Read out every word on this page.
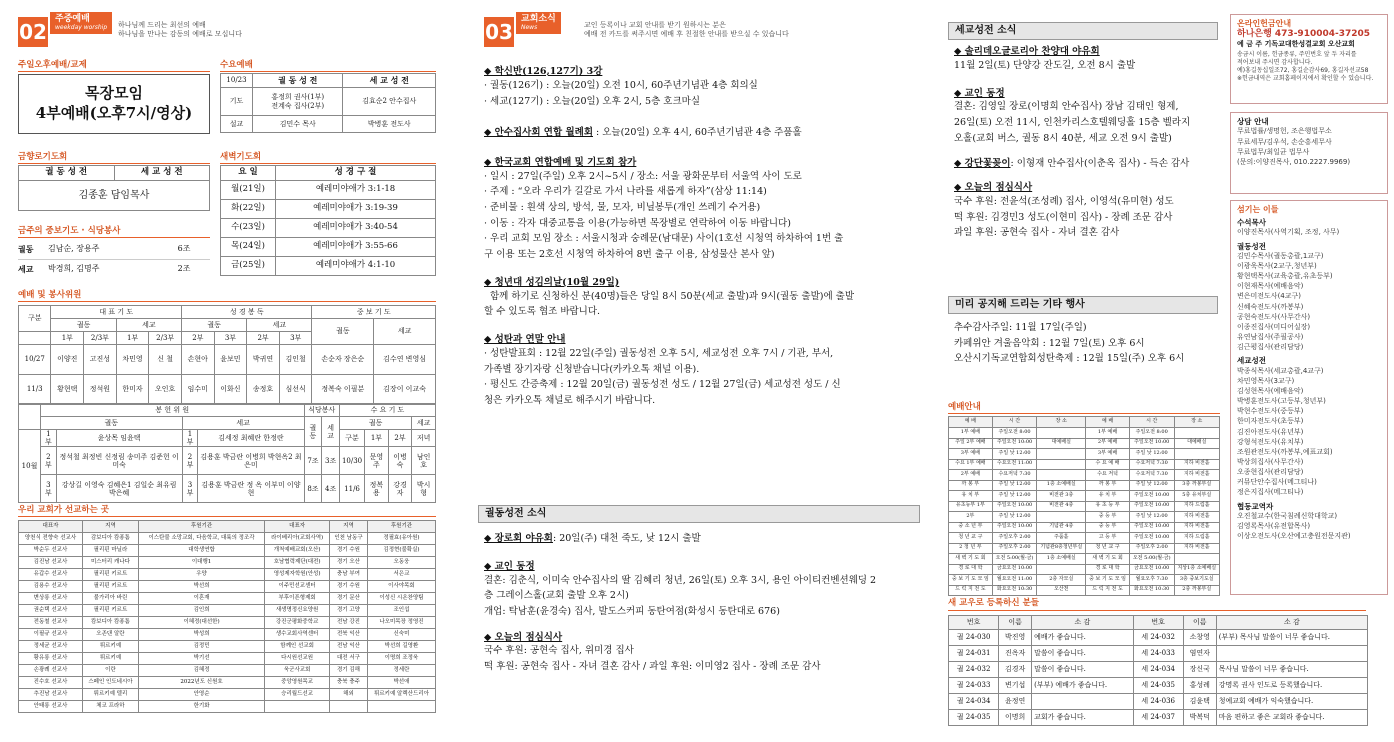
02
주중예배
weekday worship 하나님께 드리는 최선의 예배
하나님을 만나는 감동의 예배로 모십니다
주일오후예배/교제
목장모임
4부예배(오후7시/영상)
수요예배
10/23	궐 동 성 전	세 교 성 전
기도	홍정희 권사(1부)
전계숙 집사(2부)	김효순2 안수집사
설교	김민수 목사	박병훈 전도사
금향로기도회
궐 동 성 전	세 교 성 전
김종훈 담임목사
새벽기도회
요 일	성 경 구 절
월(21일)	예레미야애가 3:1-18
화(22일)	예레미야애가 3:19-39
수(23일)	예레미야애가 3:40-54
목(24일)	예레미야애가 3:55-66
금(25일)	예레미야애가 4:1-10
금주의 중보기도 · 식당봉사
궐동	김남순, 장용주	6조
세교	박경희, 김명주	2조
예배 및 봉사위원
구분	대 표 기 도				성 경 봉 독				중 보 기 도	
	궐동		세교		궐동		세교		궐동	세교
	1부	2/3부	1부	2/3부	2부	3부	2부	3부		
10/27	이양진	고진성	차민영	신 철	손현아	윤보민	박귀연	김인철	손순자 장은순	김수연 변영심
11/3	황현택	정석원	한미자	오인호	임수미	이화신	송정호	심선식	정복숙 이필분	김장이 이교숙
	봉 헌 위 원				식당봉사		수 요 기 도			
	궐동		세교		궐동	세교	궐동			세교
10월	1부	윤상목 임윤택	1부	김세정 최혜란 한정란			구분	1부	2부	저녁
	2부	정석철 최정빈 신정림 송미주 김준헌 이미숙	2부	김용훈 박금란 이병희 박현옥2 최은미	7조	3조	10/30	문영주	이병숙	남인호
	3부	강상길 이영숙 김혜은1 김일순 최유림 박은혜	3부	김용훈 박금란 정 옥 이부미 이양현	8조	4조	11/6	정복용	강경자	박시형
우리 교회가 선교하는 곳
대표자	지역	후원기관	대표자	지역	후원기관
양천식 전향숙 선교사	감보디아 캄퐁톰	이스탄불 소망교회, 다음학교, 대륙의 정조각	라이베리아(교회사역)	인천 남동구	정필효(유아원)
박순두 선교사	필리핀 마닐라	대학생연합	개척예배교회(오산)	경기 수원	김정현(불확실)
김진남 선교사	미스터리 캐나다	이대행1	호남협력제단(대전)	경기 오산	오동웅
유갑수 선교사	필리핀 키르트	우양	영성제자학원(안성)	충남 부여	서은교
김용수 선교사	필리핀 키르트	박선희	이주민선교센터	경기 수원	이사야목회
변상롱 선교사	불가리아 바린	이혼재	부후이픈형제회	경기 문산	이성신 시온찬양팀
권순택 선교사	필리핀 키르트	김인희	새생명정신요양원	경기 고양	조인섭
전동철 선교사	캄보디아 캄퐁톰	이혜정(대선한)	강진군평화중학교	전남 강진	나오미목장 정영진
이필규 선교사	오존댄 알란	박성희	생수교회사역센터	전북 익산	신숙미
정세균 선교사	튀르키예	김정민	함께인 선교회	전남 익산	박선희 길영환
황유롱 선교사	튀르키예	박기선	다시원선교원	대전 서구	이명희 조정욱
손광례 선교사	이란	김혜정	욱군사교회	경기 김해	정세란
진수호 선교사	스페인 인도네시아	2022년도 신원호	중앙영원목교	충북 충주	박선애
추진남 선교사	튀르키예 델리	안영순	승리월드선교	해외	튀르키예 알렉산드리아
안태롱 선교사	체코 프라하	한기화			
03
교회소식
News	교인 등록이나 교회 안내를 받기 원하시는 분은
예배 전 카드를 써주시면 예배 후 친절한 안내를 받으실 수 있습니다
◆ 학신반(126,127기) 3강
· 궐동(126기) : 오늘(20일) 오전 10시, 60주년기념관 4층 회의실
· 세교(127기) : 오늘(20일) 오후 2시, 5층 호크마실
◆ 안수집사회 연합 월례회 : 오늘(20일) 오후 4시, 60주년기념관 4층 주품홀
◆ 한국교회 연합예배 및 기도회 참가
· 일시 : 27일(주일) 오후 2시~5시 / 장소: 서울 광화문부터 서울역 사이 도로
· 주제 : “오라 우리가 길갈로 가서 나라를 새롭게 하자”(삼상 11:14)
· 준비물 : 흰색 상의, 방석, 물, 모자, 비닐봉투(개인 쓰레기 수거용)
· 이동 : 각자 대중교통을 이용(가능하면 목장별로 연락하여 이동 바랍니다)
· 우리 교회 모임 장소 : 서울시청과 숭례문(남대문) 사이(1호선 시청역 하차하여 1번 출
구 이용 또는 2호선 시청역 하차하여 8번 출구 이용, 삼성물산 본사 앞)
◆ 청년대 성김의날(10월 29일)
함께 하기로 신청하신 분(40명)들은 당일 8시 50분(세교 출발)과 9시(궐동 출발)에 출발
할 수 있도록 협조 바랍니다.
◆ 성탄과 연말 안내
· 성탄발표회 : 12월 22일(주일) 궐동성전 오후 5시, 세교성전 오후 7시 / 기관, 부서,
가족별 장기자랑 신청받습니다(카카오톡 채널 이용).
· 평신도 간증축제 : 12월 20일(금) 궐동성전 성도 / 12월 27일(금) 세교성전 성도 / 신
청은 카카오톡 채널로 해주시기 바랍니다.
궐동성전 소식
◆ 장로회 야유회: 20일(주) 대천 죽도, 낮 12시 출발
◆ 교인 동정
결혼: 김춘식, 이미숙 안수집사의 딸 김혜리 청년, 26일(토) 오후 3시, 용인 아이티컨벤션웨딩 2
층 그레이스홀(교회 출발 오후 2시)
개업: 탁남훈(윤경숙) 집사, 발도스커피 동탄여점(화성시 동탄대로 676)
◆ 오늘의 점심식사
국수 후원: 공현숙 집사, 위미경 집사
떡 후원: 공현숙 집사 - 자녀 결혼 감사 / 과일 후원: 이미영2 집사 - 장례 조문 감사
세교성전 소식
◆ 솔리데오글로리아 찬양대 야유회
11월 2일(토) 단양강 잔도길, 오전 8시 출발
◆ 교인 동정
결혼: 김영일 장로(이명희 안수집사) 장남 김태인 형제,
26일(토) 오전 11시, 인천카리스호텔웨딩홀 15층 벨라지
오홀(교회 버스, 궐동 8시 40분, 세교 오전 9시 출발)
◆ 강단꽃꽂이: 이형재 안수집사(이춘옥 집사) - 득손 감사
◆ 오늘의 점심식사
국수 후원: 전윤석(조성례) 집사, 이영석(유미현) 성도
떡 후원: 김경민3 성도(이현미 집사) - 장례 조문 감사
과일 후원: 공현숙 집사 - 자녀 결혼 감사
미리 공지해 드리는 기타 행사
추수감사주일: 11월 17일(주일)
카페위안 겨울음악회 : 12월 7일(토) 오후 6시
오산시기독교연합회성탄축제 : 12월 15일(주) 오후 6시
예배안내
예 배	시 간	장 소	예 배	시 간	장 소
1부 예배	주일오전 8:00		1부 예배	주일오전 8:00	
주일 2부 예배	주일오전 10:00	대예배실	2부 예배	주일오전 10:00	대예배실
3부 예배	주일 낮 12:00		3부 예배	주일 낮 12:00	
수요 1부 예배	수요오전 11:00		수 요 예 배	수요저녁 7:30	지하 비전홀
2부 예배	수요저녁 7:30		수요 저녁	수요저녁 7:30	지하 비전홀
까 봉 부	주일 낮 12:00	1층 소예배실	까 봉 부	주일 낮 12:00	3층 까봉부실
유 치 부	주일 낮 12:00	비전관 3층	유 치 부	주일오전 10:00	5층 유치부실
유초등부 1부	주일오전 10:00	비전관 4층	유 초 등 부	주일오전 10:00	지하 드림홀
2부	주일 낮 12:00		중 등 부	주일 낮 12:00	지하 비전홀
중 소 년 부	주일오전 10:00	기념관 4층	중 등 부	주일오전 10:00	지하 비전홀
청 년 교 구	주일오후 2:00	주품홀	고 등 부	주일오전 10:00	지하 드림홀
2 청 년 부	주일오후 2:00	기념관8층청년부실	청 년 교 구	주일오후 2:00	지하 비전홀
새 벽 기 도 회	오전 5:00(월-금)	1층 소예배실	새 벽 기 도 회	오전 5:00(월-금)	
경 로 대 학	금요오전 10:00		경 로 대 학	금요오전 10:00	지상1층 소예배실
중 보 기 도 모 임	월요오전 11:00	2층 자모실	중 보 기 도 모 임	월요오후 7:30	3층 중보기도실
드 릭 지 전 도	화요오전 10:30	오산천	드 릭 지 전 도	화요오전 10:30	2층 까봉부실
새 교우로 등록하신 분들
번호	이름	소 감	번호	이름	소 감
궐 24-030	박진영	예배가 좋습니다.	세 24-032	소창영	(부부) 목사님 말씀이 너무 좋습니다.
궐 24-031	진옥자	말씀이 좋습니다.	세 24-033	염연자	
궐 24-032	김경자	말씀이 좋습니다.	세 24-034	장신국	목사님 말씀이 너무 좋습니다.
궐 24-033	변기섭	(부부) 예배가 좋습니다.	세 24-035	홍성례	강명록 권사 인도로 등록했습니다.
궐 24-034	윤정연		세 24-036	김윤택	청예교회 예배가 익숙했습니다.
궐 24-035	이명희	교회가 좋습니다.	세 24-037	박복덕	마음 편하고 좋은 교회라 좋습니다.
온라인헌금안내
하나은행 473-910004-37205
예 금 주 기독교대한성결교회 오산교회
송금시 이름, 헌금종류, 주민번호 앞 두 자리를
적어보내 주시면 감사합니다.
예)홍길동십일조72, 홍길순감사69, 홍길자선교58
※헌금내역은 교회홈페이지에서 확인할 수 있습니다.
상담 안내
무료법률/생명헌, 조은행법무소
무료세무/김우석, 손순흥세무사
무료법무/최일균 법무사
(문의:이양진목사, 010.2227.9969)
섬기는 이들
수석목사
이양진목사(사역기획, 조정, 사무)
궐동성전
김민수목사(궐동총괄,1교구)
이광욱목사(2교구,청년부)
황현택목사(교육총괄,유초등부)
이현재목사(예배음악)
변은미전도사(4교구)
신혜숙전도사(까봉부)
공현숙전도사(사무간사)
이종진집사(미디어실장)
유연남집사(주필공사)
김근평집사(관리담당)
세교성전
박종식목사(세교총괄,4교구)
차민영목사(3교구)
김성현목사(예배음악)
박병훈전도사(고등부,청년부)
박현수전도사(중등부)
한미자전도사(초등부)
김진아전도사(유년부)
강형석전도사(유치부)
조원관전도사(까봉부,예표교회)
박상희집사(사무간사)
오종현집사(관리담당)
커뮤단안수집사(메그티나)
정은지집사(메그티나)
협동교역자
오진철교수(한국침례신학대학교)
김영록목사(유전합목사)
이상오전도사(오산예고충원전문지관)
